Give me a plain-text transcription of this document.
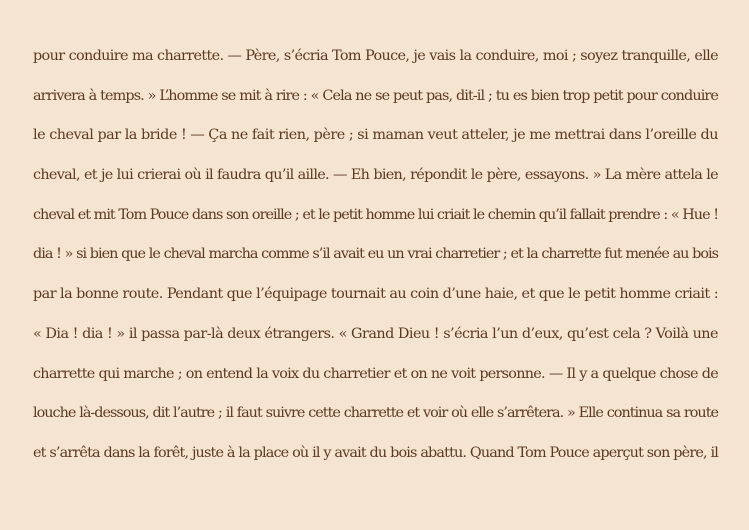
pour conduire ma charrette. — Père, s’écria Tom Pouce, je vais la conduire, moi ; soyez tranquille, elle
arrivera à temps. » L’homme se mit à rire : « Cela ne se peut pas, dit-il ; tu es bien trop petit pour conduire
le cheval par la bride ! — Ça ne fait rien, père ; si maman veut atteler, je me mettrai dans l’oreille du
cheval, et je lui crierai où il faudra qu’il aille. — Eh bien, répondit le père, essayons. » La mère attela le
cheval et mit Tom Pouce dans son oreille ; et le petit homme lui criait le chemin qu’il fallait prendre : « Hue !
dia ! » si bien que le cheval marcha comme s’il avait eu un vrai charretier ; et la charrette fut menée au bois
par la bonne route. Pendant que l’équipage tournait au coin d’une haie, et que le petit homme criait :
« Dia ! dia ! » il passa par-là deux étrangers. « Grand Dieu ! s’écria l’un d’eux, qu’est cela ? Voilà une
charrette qui marche ; on entend la voix du charretier et on ne voit personne. — Il y a quelque chose de
louche là-dessous, dit l’autre ; il faut suivre cette charrette et voir où elle s’arrêtera. » Elle continua sa route
et s’arrêta dans la forêt, juste à la place où il y avait du bois abattu. Quand Tom Pouce aperçut son père, il
